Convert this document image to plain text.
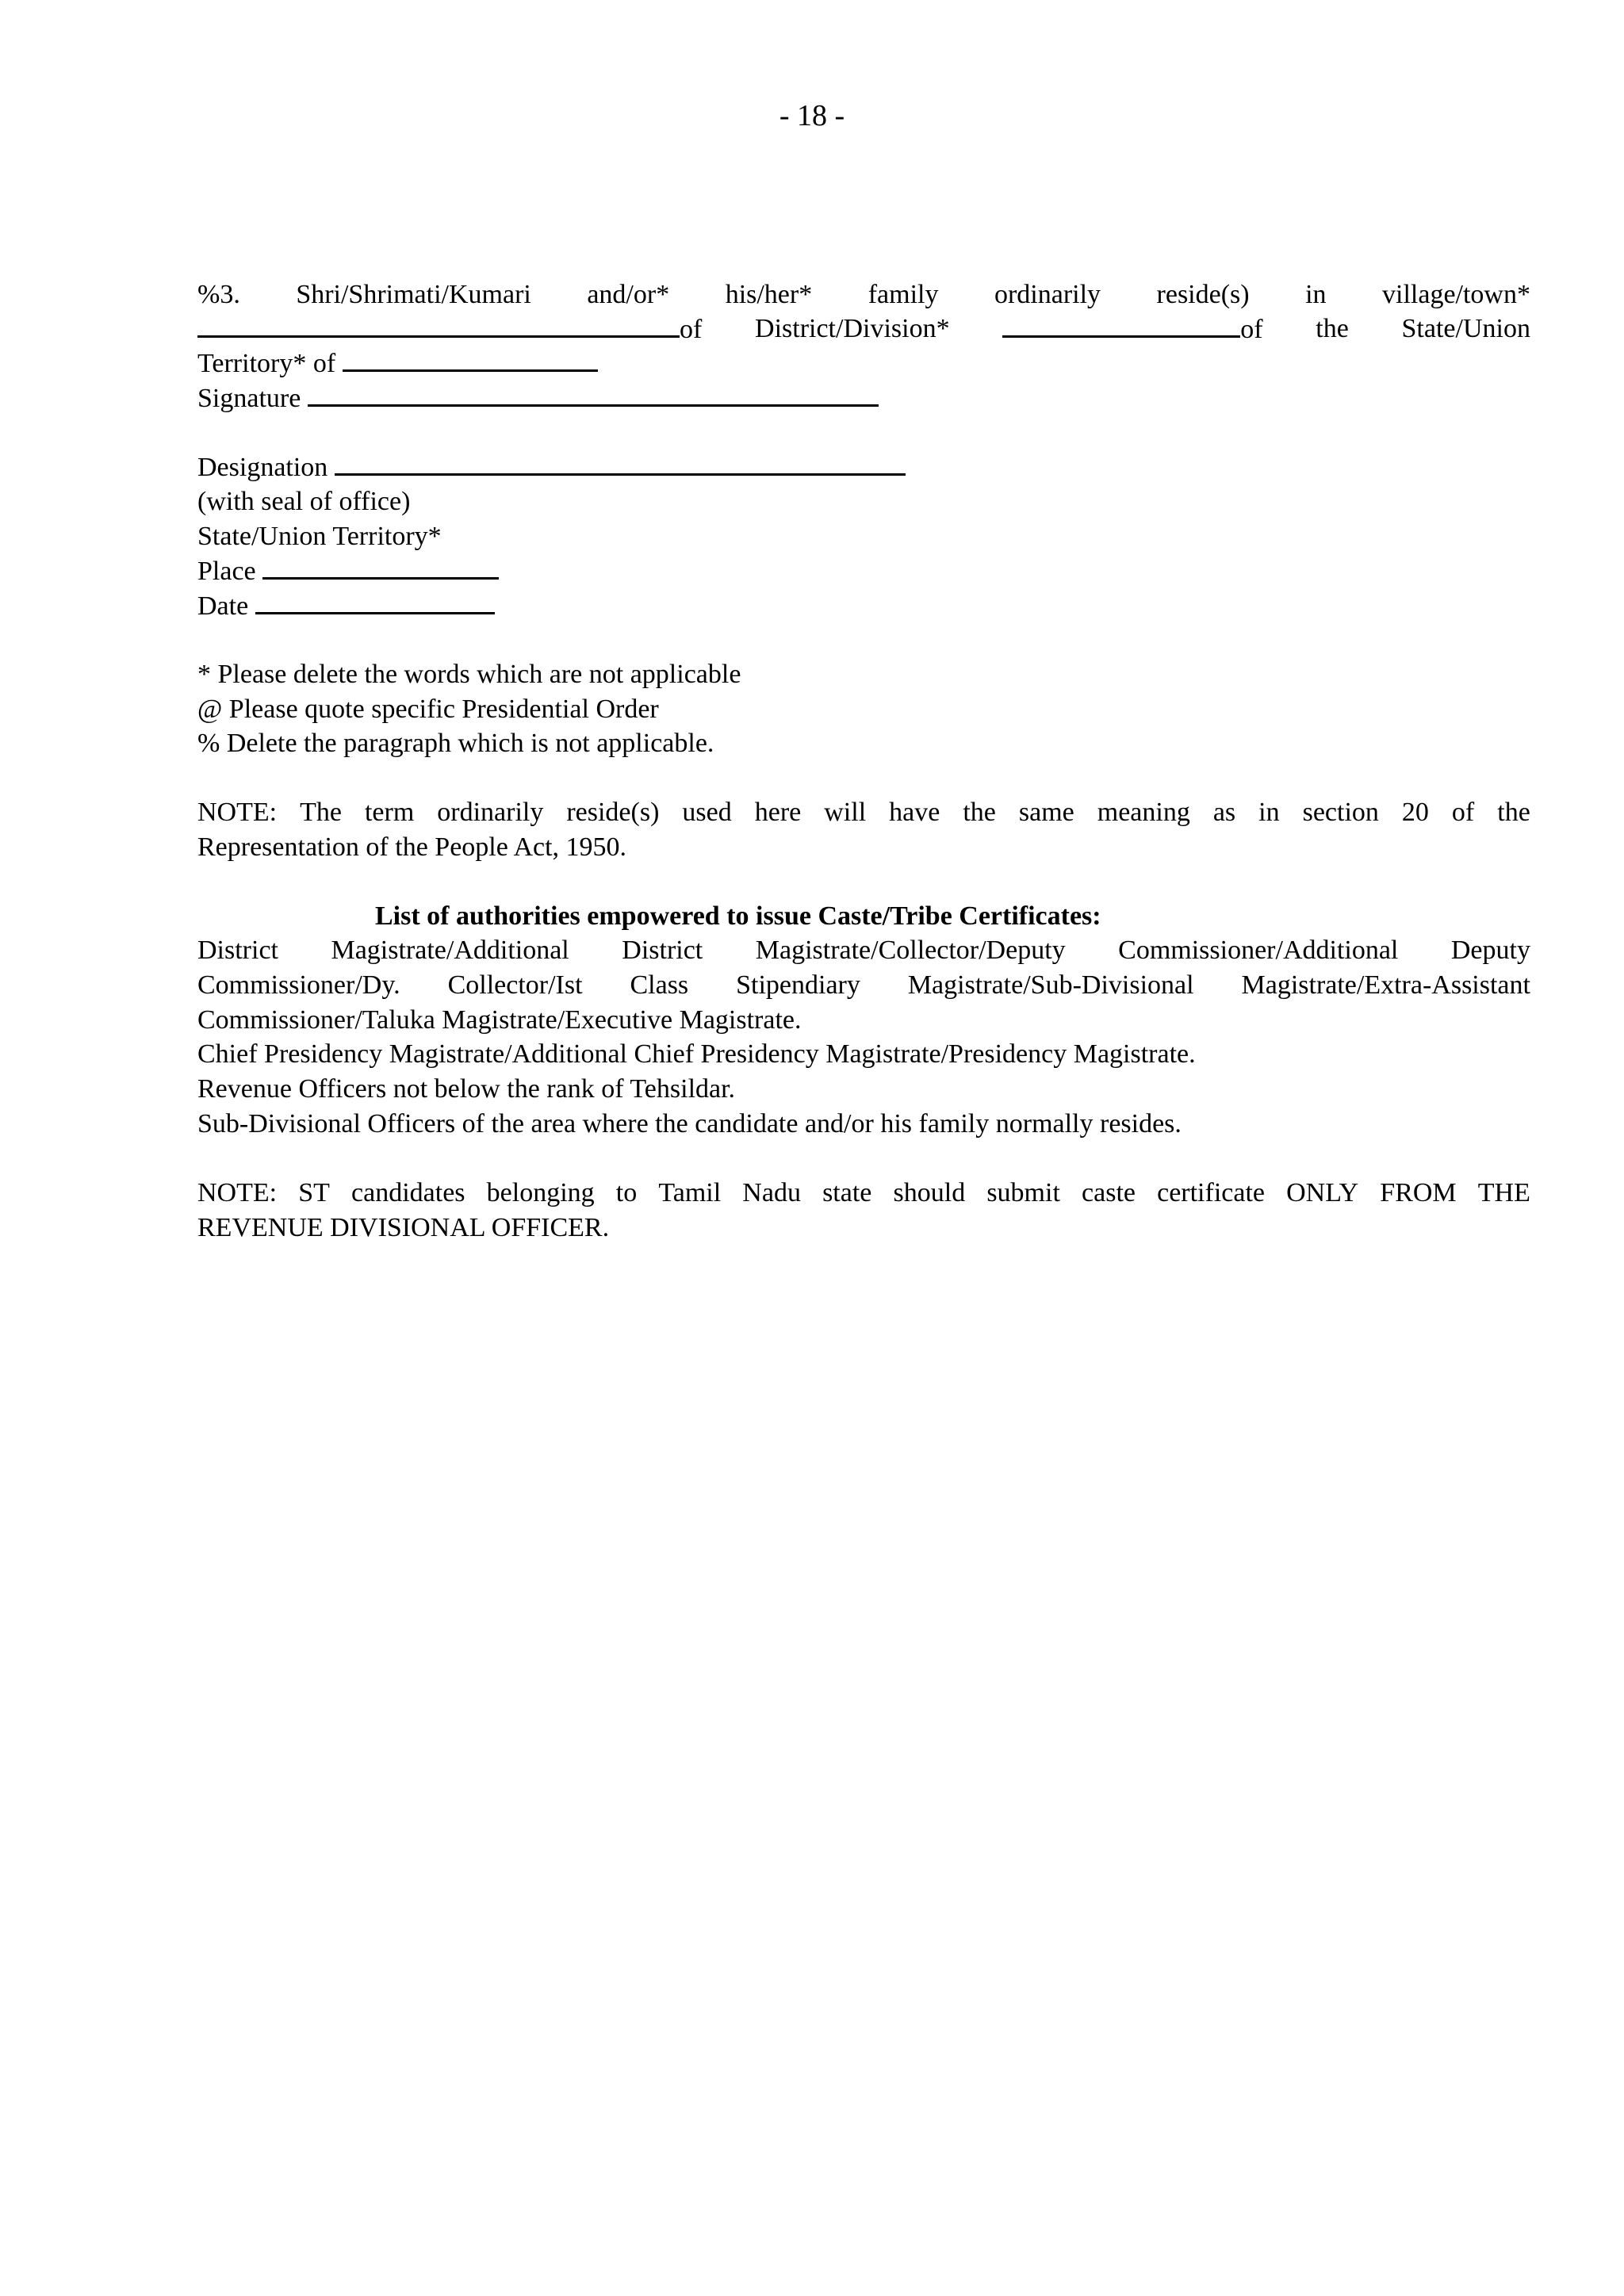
- 18 -
%3. Shri/Shrimati/Kumari and/or* his/her* family ordinarily reside(s) in village/town*
of District/Division*	of the State/Union
Territory* of
Signature
Designation
(with seal of office)
State/Union Territory*
Place
Date
* Please delete the words which are not applicable
@ Please quote specific Presidential Order
% Delete the paragraph which is not applicable.
NOTE: The term ordinarily reside(s) used here will have the same meaning as in section 20 of the
Representation of the People Act, 1950.
List of authorities empowered to issue Caste/Tribe Certificates:
District Magistrate/Additional District Magistrate/Collector/Deputy Commissioner/Additional Deputy
Commissioner/Dy. Collector/Ist Class Stipendiary Magistrate/Sub-Divisional Magistrate/Extra-Assistant
Commissioner/Taluka Magistrate/Executive Magistrate.
Chief Presidency Magistrate/Additional Chief Presidency Magistrate/Presidency Magistrate.
Revenue Officers not below the rank of Tehsildar.
Sub-Divisional Officers of the area where the candidate and/or his family normally resides.
NOTE: ST candidates belonging to Tamil Nadu state should submit caste certificate ONLY FROM THE
REVENUE DIVISIONAL OFFICER.
